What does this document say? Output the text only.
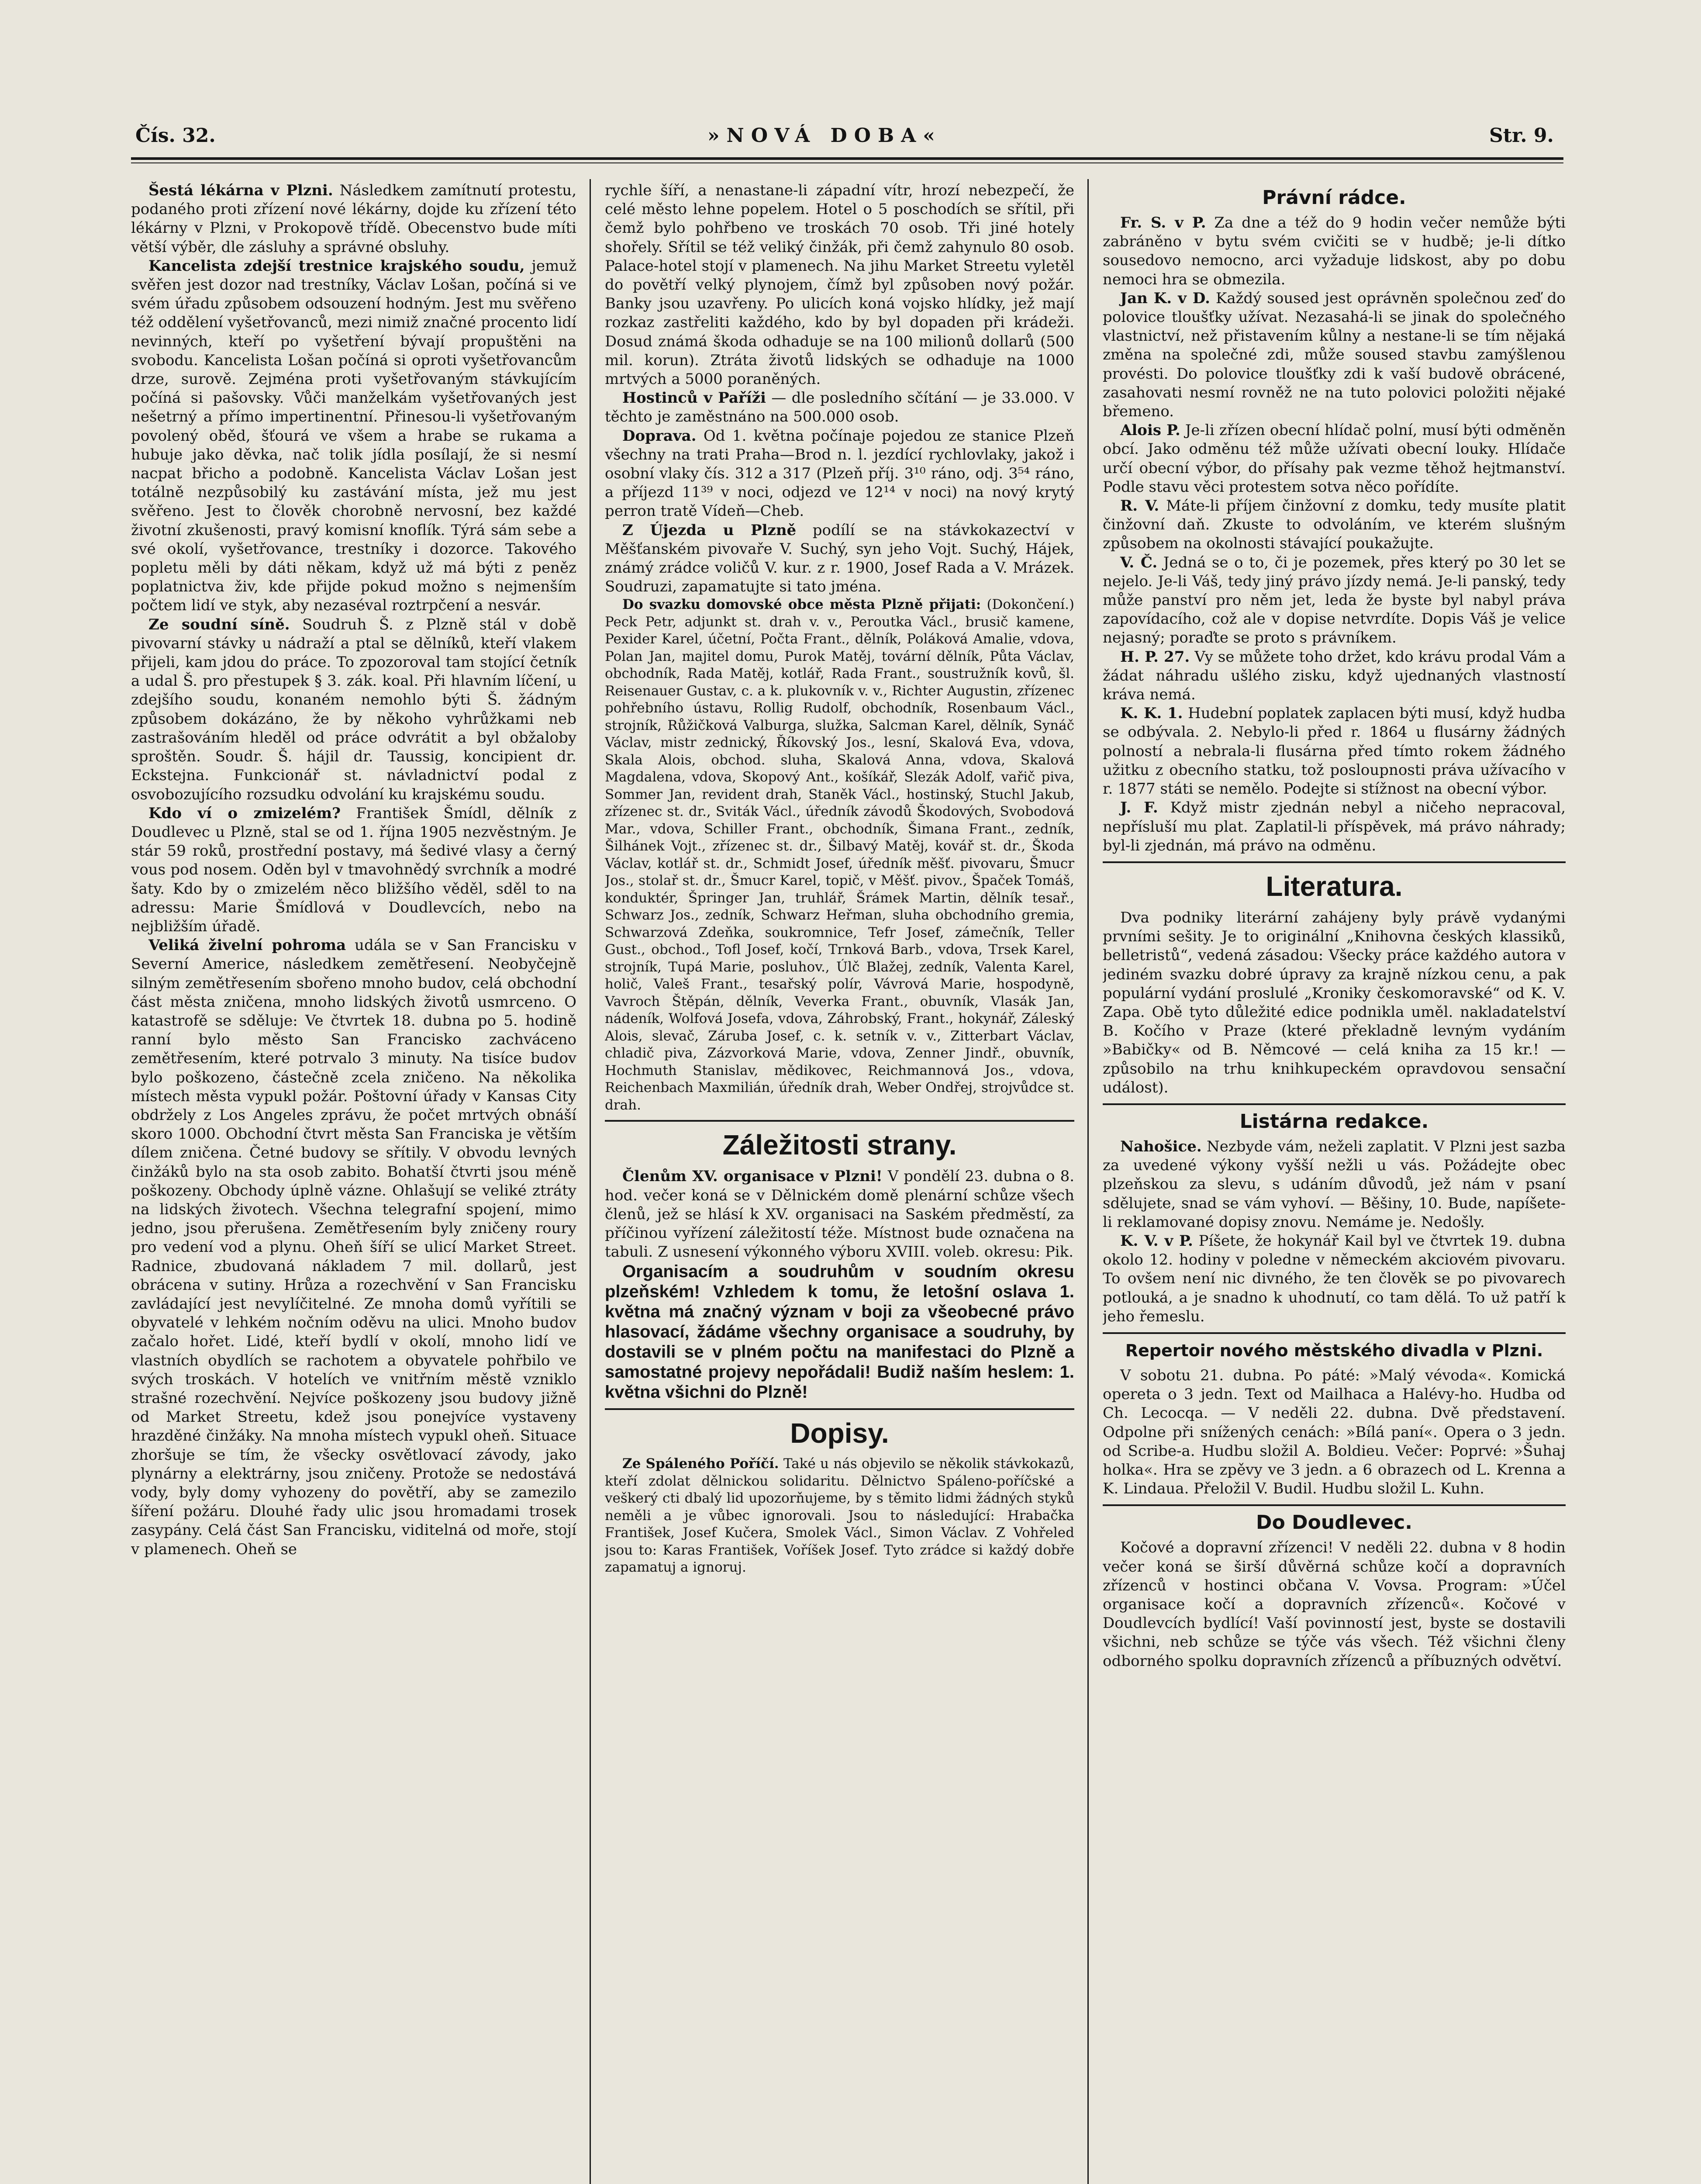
Čís. 32.	»NOVÁ DOBA«	Str. 9.

Šestá lékárna v Plzni. Následkem zamítnutí protestu, podaného proti zřízení nové lékárny, dojde ku zřízení této lékárny v Plzni, v Prokopově třídě. Obecenstvo bude míti větší výběr, dle zásluhy a správné obsluhy.

Kancelista zdejší trestnice krajského soudu, jemuž svěřen jest dozor nad trestníky, Václav Lošan, počíná si ve svém úřadu způsobem odsouzení hodným. Jest mu svěřeno též oddělení vyšetřovanců, mezi nimiž značné procento lidí nevinných, kteří po vyšetření bývají propuštěni na svobodu. Kancelista Lošan počíná si oproti vyšetřovancům drze, surově. Zejména proti vyšetřovaným stávkujícím počíná si pašovsky. Vůči manželkám vyšetřovaných jest nešetrný a přímo impertinentní. Přinesou-li vyšetřovaným povolený oběd, šťourá ve všem a hrabe se rukama a hubuje jako děvka, nač tolik jídla posílají, že si nesmí nacpat břicho a podobně. Kancelista Václav Lošan jest totálně nezpůsobilý ku zastávání místa, jež mu jest svěřeno. Jest to člověk chorobně nervosní, bez každé životní zkušenosti, pravý komisní knoflík. Týrá sám sebe a své okolí, vyšetřovance, trestníky i dozorce. Takového popletu měli by dáti někam, když už má býti z peněz poplatnictva živ, kde přijde pokud možno s nejmenším počtem lidí ve styk, aby nezaséval roztrpčení a nesvár.

Ze soudní síně. Soudruh Š. z Plzně stál v době pivovarní stávky u nádraží a ptal se dělníků, kteří vlakem přijeli, kam jdou do práce. To zpozoroval tam stojící četník a udal Š. pro přestupek § 3. zák. koal. Při hlavním líčení, u zdejšího soudu, konaném nemohlo býti Š. žádným způsobem dokázáno, že by někoho vyhrůžkami neb zastrašováním hleděl od práce odvrátit a byl obžaloby sproštěn. Soudr. Š. hájil dr. Taussig, koncipient dr. Eckstejna. Funkcionář st. návladnictví podal z osvobozujícího rozsudku odvolání ku krajskému soudu.

Kdo ví o zmizelém? František Šmídl, dělník z Doudlevec u Plzně, stal se od 1. října 1905 nezvěstným. Je stár 59 roků, prostřední postavy, má šedivé vlasy a černý vous pod nosem. Oděn byl v tmavohnědý svrchník a modré šaty. Kdo by o zmizelém něco bližšího věděl, sděl to na adressu: Marie Šmídlová v Doudlevcích, nebo na nejbližším úřadě.

Veliká živelní pohroma udála se v San Francisku v Severní Americe, následkem zemětřesení. Neobyčejně silným zemětřesením sbořeno mnoho budov, celá obchodní část města zničena, mnoho lidských životů usmrceno. O katastrofě se sděluje: Ve čtvrtek 18. dubna po 5. hodině ranní bylo město San Francisko zachváceno zemětřesením, které potrvalo 3 minuty. Na tisíce budov bylo poškozeno, částečně zcela zničeno. Na několika místech města vypukl požár. Poštovní úřady v Kansas City obdržely z Los Angeles zprávu, že počet mrtvých obnáší skoro 1000. Obchodní čtvrt města San Franciska je větším dílem zničena. Četné budovy se sřítily. V obvodu levných činžáků bylo na sta osob zabito. Bohatší čtvrti jsou méně poškozeny. Obchody úplně vázne. Ohlašují se veliké ztráty na lidských životech. Všechna telegrafní spojení, mimo jedno, jsou přerušena. Zemětřesením byly zničeny roury pro vedení vod a plynu. Oheň šíří se ulicí Market Street. Radnice, zbudovaná nákladem 7 mil. dollarů, jest obrácena v sutiny. Hrůza a rozechvění v San Francisku zavládající jest nevylíčitelné. Ze mnoha domů vyřítili se obyvatelé v lehkém nočním oděvu na ulici. Mnoho budov začalo hořet. Lidé, kteří bydlí v okolí, mnoho lidí ve vlastních obydlích se rachotem a obyvatele pohřbilo ve svých troskách. V hotelích ve vnitřním městě vzniklo strašné rozechvění. Nejvíce poškozeny jsou budovy jižně od Market Streetu, kdež jsou ponejvíce vystaveny hrazděné činžáky. Na mnoha místech vypukl oheň. Situace zhoršuje se tím, že všecky osvětlovací závody, jako plynárny a elektrárny, jsou zničeny. Protože se nedostává vody, byly domy vyhozeny do povětří, aby se zamezilo šíření požáru. Dlouhé řady ulic jsou hromadami trosek zasypány. Celá část San Francisku, viditelná od moře, stojí v plamenech. Oheň se

rychle šíří, a nenastane-li západní vítr, hrozí nebezpečí, že celé město lehne popelem. Hotel o 5 poschodích se sřítil, při čemž bylo pohřbeno ve troskách 70 osob. Tři jiné hotely shořely. Sřítil se též veliký činžák, při čemž zahynulo 80 osob. Palace-hotel stojí v plamenech. Na jihu Market Streetu vyletěl do povětří velký plynojem, čímž byl způsoben nový požár. Banky jsou uzavřeny. Po ulicích koná vojsko hlídky, jež mají rozkaz zastřeliti každého, kdo by byl dopaden při krádeži. Dosud známá škoda odhaduje se na 100 milionů dollarů (500 mil. korun). Ztráta životů lidských se odhaduje na 1000 mrtvých a 5000 poraněných.

Hostinců v Paříži — dle posledního sčítání — je 33.000. V těchto je zaměstnáno na 500.000 osob.

Doprava. Od 1. května počínaje pojedou ze stanice Plzeň všechny na trati Praha—Brod n. l. jezdící rychlovlaky, jakož i osobní vlaky čís. 312 a 317 (Plzeň příj. 3¹⁰ ráno, odj. 3⁵⁴ ráno, a příjezd 11³⁹ v noci, odjezd ve 12¹⁴ v noci) na nový krytý perron tratě Vídeň—Cheb.

Z Újezda u Plzně podílí se na stávkokazectví v Měšťanském pivovaře V. Suchý, syn jeho Vojt. Suchý, Hájek, známý zrádce voličů V. kur. z r. 1900, Josef Rada a V. Mrázek. Soudruzi, zapamatujte si tato jména.

Do svazku domovské obce města Plzně přijati: (Dokončení.) Peck Petr, adjunkt st. drah v. v., Peroutka Václ., brusič kamene, Pexider Karel, účetní, Počta Frant., dělník, Poláková Amalie, vdova, Polan Jan, majitel domu, Purok Matěj, tovární dělník, Půta Václav, obchodník, Rada Matěj, kotlář, Rada Frant., soustružník kovů, šl. Reisenauer Gustav, c. a k. plukovník v. v., Richter Augustin, zřízenec pohřebního ústavu, Rollig Rudolf, obchodník, Rosenbaum Václ., strojník, Růžičková Valburga, služka, Salcman Karel, dělník, Synáč Václav, mistr zednický, Říkovský Jos., lesní, Skalová Eva, vdova, Skala Alois, obchod. sluha, Skalová Anna, vdova, Skalová Magdalena, vdova, Skopový Ant., košíkář, Slezák Adolf, vařič piva, Sommer Jan, revident drah, Staněk Václ., hostinský, Stuchl Jakub, zřízenec st. dr., Sviták Václ., úředník závodů Škodových, Svobodová Mar., vdova, Schiller Frant., obchodník, Šimana Frant., zedník, Šilhánek Vojt., zřízenec st. dr., Šilbavý Matěj, kovář st. dr., Škoda Václav, kotlář st. dr., Schmidt Josef, úředník měšť. pivovaru, Šmucr Jos., stolař st. dr., Šmucr Karel, topič, v Měšť. pivov., Špaček Tomáš, konduktér, Špringer Jan, truhlář, Šrámek Martin, dělník tesař., Schwarz Jos., zedník, Schwarz Heřman, sluha obchodního gremia, Schwarzová Zdeňka, soukromnice, Tefr Josef, zámečník, Teller Gust., obchod., Tofl Josef, kočí, Trnková Barb., vdova, Trsek Karel, strojník, Tupá Marie, posluhov., Úlč Blažej, zedník, Valenta Karel, holič, Valeš Frant., tesařský polír, Vávrová Marie, hospodyně, Vavroch Štěpán, dělník, Veverka Frant., obuvník, Vlasák Jan, nádeník, Wolfová Josefa, vdova, Záhrobský, Frant., hokynář, Záleský Alois, slevač, Záruba Josef, c. k. setník v. v., Zitterbart Václav, chladič piva, Zázvorková Marie, vdova, Zenner Jindř., obuvník, Hochmuth Stanislav, mědikovec, Reichmannová Jos., vdova, Reichenbach Maxmilián, úředník drah, Weber Ondřej, strojvůdce st. drah.

Záležitosti strany.

Členům XV. organisace v Plzni! V pondělí 23. dubna o 8. hod. večer koná se v Dělnickém domě plenární schůze všech členů, jež se hlásí k XV. organisaci na Saském předměstí, za příčinou vyřízení záležitostí téže. Místnost bude označena na tabuli. Z usnesení výkonného výboru XVIII. voleb. okresu: Pik.

Organisacím a soudruhům v soudním okresu plzeňském! Vzhledem k tomu, že letošní oslava 1. května má značný význam v boji za všeobecné právo hlasovací, žádáme všechny organisace a soudruhy, by dostavili se v plném počtu na manifestaci do Plzně a samostatné projevy nepořádali! Budiž naším heslem: 1. května všichni do Plzně!

Dopisy.

Ze Spáleného Poříčí. Také u nás objevilo se několik stávkokazů, kteří zdolat dělnickou solidaritu. Dělnictvo Spáleno-poříčské a veškerý cti dbalý lid upozorňujeme, by s těmito lidmi žádných styků neměli a je vůbec ignorovali. Jsou to následující: Hrabačka František, Josef Kučera, Smolek Václ., Simon Václav. Z Vohřeled jsou to: Karas František, Voříšek Josef. Tyto zrádce si každý dobře zapamatuj a ignoruj.

Právní rádce.

Fr. S. v P. Za dne a též do 9 hodin večer nemůže býti zabráněno v bytu svém cvičiti se v hudbě; je-li dítko sousedovo nemocno, arci vyžaduje lidskost, aby po dobu nemoci hra se obmezila.

Jan K. v D. Každý soused jest oprávněn společnou zeď do polovice tloušťky užívat. Nezasahá-li se jinak do společného vlastnictví, než přistavením kůlny a nestane-li se tím nějaká změna na společné zdi, může soused stavbu zamýšlenou provésti. Do polovice tloušťky zdi k vaší budově obrácené, zasahovati nesmí rovněž ne na tuto polovici položiti nějaké břemeno.

Alois P. Je-li zřízen obecní hlídač polní, musí býti odměněn obcí. Jako odměnu též může užívati obecní louky. Hlídače určí obecní výbor, do přísahy pak vezme těhož hejtmanství. Podle stavu věci protestem sotva něco pořídíte.

R. V. Máte-li příjem činžovní z domku, tedy musíte platit činžovní daň. Zkuste to odvoláním, ve kterém slušným způsobem na okolnosti stávající poukažujte.

V. Č. Jedná se o to, či je pozemek, přes který po 30 let se nejelo. Je-li Váš, tedy jiný právo jízdy nemá. Je-li panský, tedy může panství pro něm jet, leda že byste byl nabyl práva zapovídacího, což ale v dopise netvrdíte. Dopis Váš je velice nejasný; poraďte se proto s právníkem.

H. P. 27. Vy se můžete toho držet, kdo krávu prodal Vám a žádat náhradu ušlého zisku, když ujednaných vlastností kráva nemá.

K. K. 1. Hudební poplatek zaplacen býti musí, když hudba se odbývala. 2. Nebylo-li před r. 1864 u flusárny žádných polností a nebrala-li flusárna před tímto rokem žádného užitku z obecního statku, tož posloupnosti práva užívacího v r. 1877 státi se nemělo. Podejte si stížnost na obecní výbor.

J. F. Když mistr zjednán nebyl a ničeho nepracoval, nepřísluší mu plat. Zaplatil-li příspěvek, má právo náhrady; byl-li zjednán, má právo na odměnu.

Literatura.

Dva podniky literární zahájeny byly právě vydanými prvními sešity. Je to originální „Knihovna českých klassiků, belletristů“, vedená zásadou: Všecky práce každého autora v jediném svazku dobré úpravy za krajně nízkou cenu, a pak populární vydání proslulé „Kroniky českomoravské“ od K. V. Zapa. Obě tyto důležité edice podnikla uměl. nakladatelství B. Kočího v Praze (které překladně levným vydáním »Babičky« od B. Němcové — celá kniha za 15 kr.! — způsobilo na trhu knihkupeckém opravdovou sensační událost).

Listárna redakce.

Nahošice. Nezbyde vám, neželi zaplatit. V Plzni jest sazba za uvedené výkony vyšší nežli u vás. Požádejte obec plzeňskou za slevu, s udáním důvodů, jež nám v psaní sdělujete, snad se vám vyhoví. — Běšiny, 10. Bude, napíšete-li reklamované dopisy znovu. Nemáme je. Nedošly.

K. V. v P. Píšete, že hokynář Kail byl ve čtvrtek 19. dubna okolo 12. hodiny v poledne v německém akciovém pivovaru. To ovšem není nic divného, že ten člověk se po pivovarech potlouká, a je snadno k uhodnutí, co tam dělá. To už patří k jeho řemeslu.

Repertoir nového městského divadla v Plzni.

V sobotu 21. dubna. Po páté: »Malý vévoda«. Komická opereta o 3 jedn. Text od Mailhaca a Halévy-ho. Hudba od Ch. Lecocqa. — V neděli 22. dubna. Dvě představení. Odpolne při snížených cenách: »Bílá paní«. Opera o 3 jedn. od Scribe-a. Hudbu složil A. Boldieu. Večer: Poprvé: »Šuhaj holka«. Hra se zpěvy ve 3 jedn. a 6 obrazech od L. Krenna a K. Lindaua. Přeložil V. Budil. Hudbu složil L. Kuhn.

Do Doudlevec.

Kočové a dopravní zřízenci! V neděli 22. dubna v 8 hodin večer koná se širší důvěrná schůze kočí a dopravních zřízenců v hostinci občana V. Vovsa. Program: »Účel organisace kočí a dopravních zřízenců«. Kočové v Doudlevcích bydlící! Vaší povinností jest, byste se dostavili všichni, neb schůze se týče vás všech. Též všichni členy odborného spolku dopravních zřízenců a příbuzných odvětví.
